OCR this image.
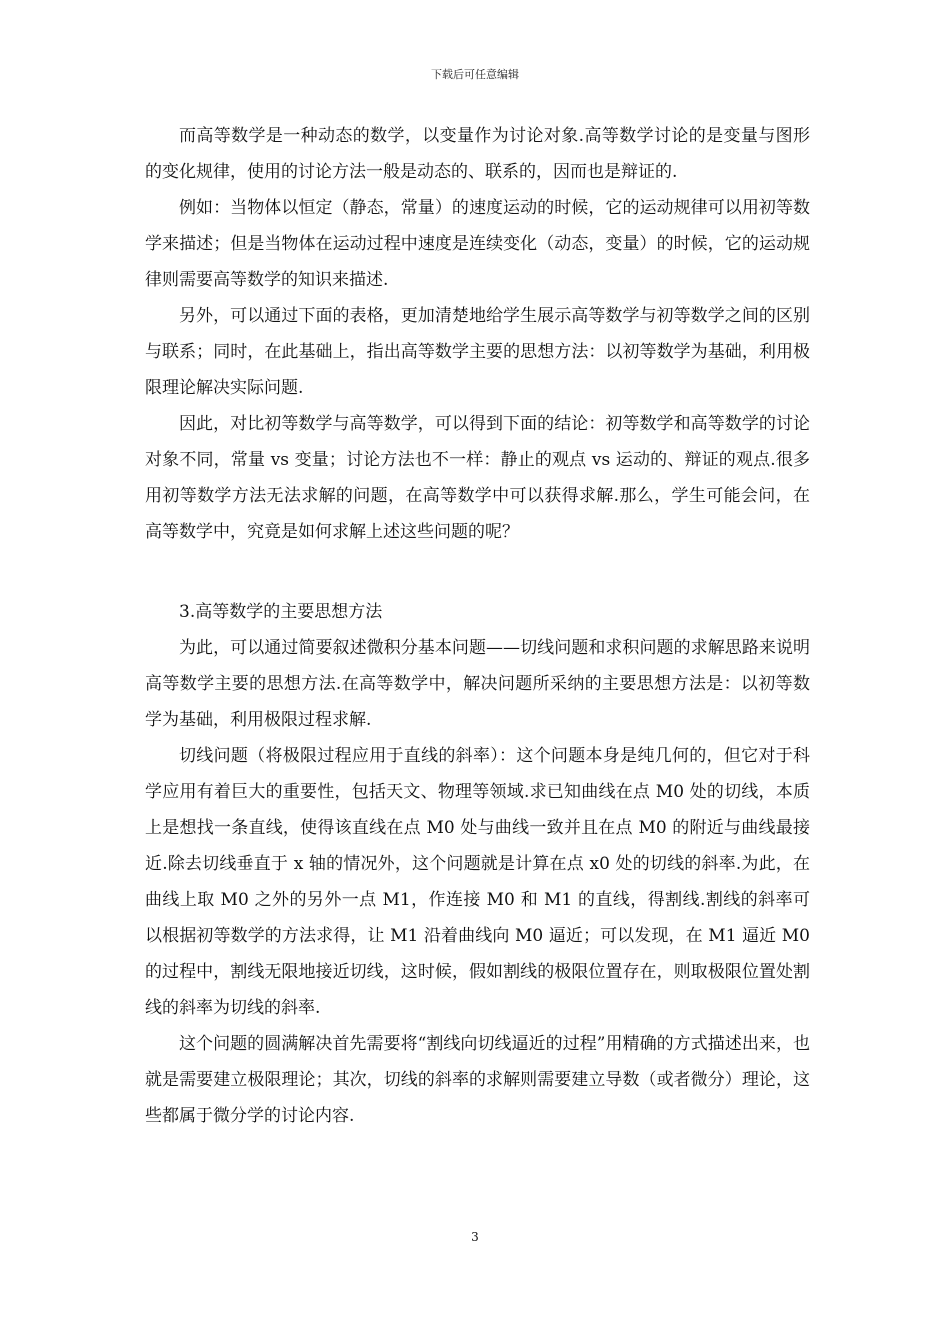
下载后可任意编辑

而高等数学是一种动态的数学，以变量作为讨论对象.高等数学讨论的是变量与图形的变化规律，使用的讨论方法一般是动态的、联系的，因而也是辩证的.

例如：当物体以恒定（静态，常量）的速度运动的时候，它的运动规律可以用初等数学来描述；但是当物体在运动过程中速度是连续变化（动态，变量）的时候，它的运动规律则需要高等数学的知识来描述.

另外，可以通过下面的表格，更加清楚地给学生展示高等数学与初等数学之间的区别与联系；同时，在此基础上，指出高等数学主要的思想方法：以初等数学为基础，利用极限理论解决实际问题.

因此，对比初等数学与高等数学，可以得到下面的结论：初等数学和高等数学的讨论对象不同，常量 vs 变量；讨论方法也不一样：静止的观点 vs 运动的、辩证的观点.很多用初等数学方法无法求解的问题，在高等数学中可以获得求解.那么，学生可能会问，在高等数学中，究竟是如何求解上述这些问题的呢？

3.高等数学的主要思想方法

为此，可以通过简要叙述微积分基本问题——切线问题和求积问题的求解思路来说明高等数学主要的思想方法.在高等数学中，解决问题所采纳的主要思想方法是：以初等数学为基础，利用极限过程求解.

切线问题（将极限过程应用于直线的斜率）：这个问题本身是纯几何的，但它对于科学应用有着巨大的重要性，包括天文、物理等领域.求已知曲线在点 M0 处的切线，本质上是想找一条直线，使得该直线在点 M0 处与曲线一致并且在点 M0 的附近与曲线最接近.除去切线垂直于 x 轴的情况外，这个问题就是计算在点 x0 处的切线的斜率.为此，在曲线上取 M0 之外的另外一点 M1，作连接 M0 和 M1 的直线，得割线.割线的斜率可以根据初等数学的方法求得，让 M1 沿着曲线向 M0 逼近；可以发现，在 M1 逼近 M0 的过程中，割线无限地接近切线，这时候，假如割线的极限位置存在，则取极限位置处割线的斜率为切线的斜率.

这个问题的圆满解决首先需要将“割线向切线逼近的过程”用精确的方式描述出来，也就是需要建立极限理论；其次，切线的斜率的求解则需要建立导数（或者微分）理论，这些都属于微分学的讨论内容.

3
